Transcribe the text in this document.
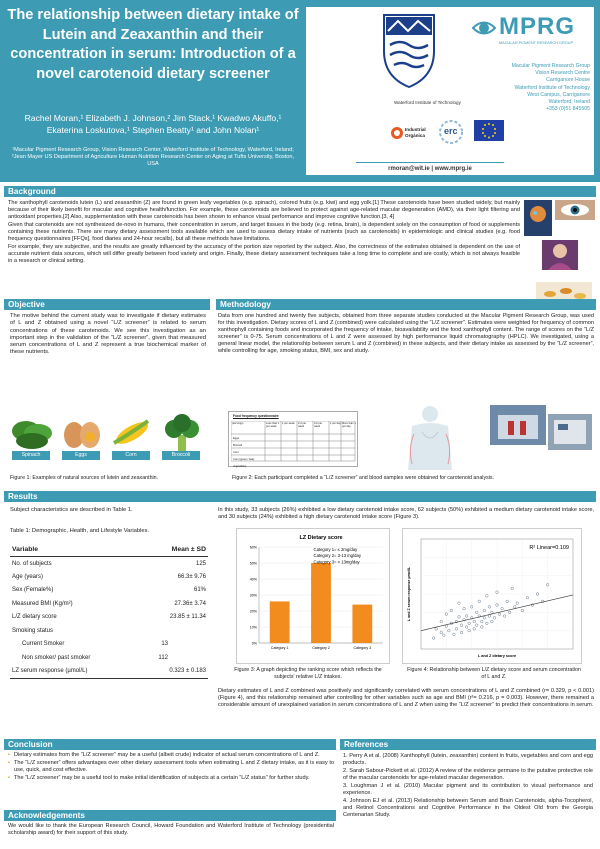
The relationship between dietary intake of Lutein and Zeaxanthin and their concentration in serum: Introduction of a novel carotenoid dietary screener
Rachel Moran,¹ Elizabeth J. Johnson,² Jim Stack,¹ Kwadwo Akuffo,¹ Ekaterina Loskutova,¹ Stephen Beatty¹ and John Nolan¹
¹Macular Pigment Research Group, Vision Research Center, Waterford Institute of Technology, Waterford, Ireland; ²Jean Mayer US Department of Agriculture Human Nutrition Research Center on Aging at Tufts University, Boston, USA
Waterford Institute of Technology
MPRG
MACULAR PIGMENT RESEARCH GROUP
Macular Pigment Research Group
Vision Research Centre
Carriganore House
Waterford Institute of Technology
West Campus, Carriganore
Waterford, Ireland
+353 (0)51 845505
Industrial
Orgánica erc
rmoran@wit.ie | www.mprg.ie
Background

The xanthophyll carotenoids lutein (L) and zeaxanthin (Z) are found in green leafy vegetables (e.g. spinach), colored fruits (e.g. kiwi) and egg yolk.[1] These carotenoids have been studied widely, but mainly because of their likely benefit for macular and cognitive health/function. For example, these carotenoids are believed to protect against age-related macular degeneration (AMD), via their light filtering and antioxidant properties.[2] Also, supplementation with these carotenoids has been shown to enhance visual performance and improve cognitive function.[3, 4]

Given that carotenoids are not synthesized de-novo in humans, their concentration in serum, and target tissues in the body (e.g. retina, brain), is dependent solely on the consumption of food or supplements containing these nutrients. There are many dietary assessment tools available which are used to assess dietary intake of nutrients (such as carotenoids) in epidemiologic and clinical studies (e.g. food frequency questionnaires [FFQs], food diaries and 24-hour recalls), but all these methods have limitations.

For example, they are subjective, and the results are greatly influenced by the accuracy of the portion size reported by the subject. Also, the correctness of the estimates obtained is dependent on the use of accurate nutrient data sources, which will differ greatly between food variety and origin. Finally, these dietary assessment techniques take a long time to complete and are costly, which is not always feasible in a research or clinical setting.

Objective

The motive behind the current study was to investigate if dietary estimates of L and Z obtained using a novel “L/Z screener” is related to serum concentrations of these carotenoids. We see this investigation as an important step in the validation of the “L/Z screener”, given that measured serum concentrations of L and Z represent a true biochemical marker of these nutrients.

Spinach	Eggs	Corn	Broccoli

Figure 1: Examples of natural sources of lutein and zeaxanthin.

Methodology

Data from one hundred and twenty five subjects, obtained from three separate studies conducted at the Macular Pigment Research Group, was used for this investigation. Dietary scores of L and Z (combined) were calculated using the “L/Z screener”. Estimates were weighted for frequency of common xanthophyll containing foods and incorporated the frequency of intake, bioavailability and the food xanthophyll content. The range of scores on the “L/Z screener” is 0-75. Serum concentrations of L and Z were assessed by high performance liquid chromatography (HPLC). We investigated, using a general linear model, the relationship between serum L and Z (combined) in these subjects, and their dietary intake as assessed by the “L/Z screener”, while controlling for age, smoking status, BMI, sex and study.

Food frequency questionnaire
(servings)	Less than 1 per week
1 per week	2-3 per week
4-6 per week
1 per day More than 1 per day
Eggs
Broccoli
Corn
Corn (green / leafy vegetables)

Figure 2: Each participant completed a “L/Z screener” and blood samples were obtained for carotenoid analysis.

Results

Subject characteristics are described in Table 1.

Table 1: Demographic, Health, and Lifestyle Variables.

Variable	Mean ± SD
No. of subjects	125
Age (years)	66.3± 9.76
Sex (Female%)	61%
Measured BMI (Kg/m²)	27.36± 3.74
L/Z dietary score	23.85 ± 11.34
Smoking status	
Current Smoker	13
Non smoker/ past smoker	112
LZ serum response (µmol/L)	0.323 ± 0.183

In this study, 33 subjects (26%) exhibited a low dietary carotenoid intake score, 62 subjects (50%) exhibited a medium dietary carotenoid intake score, and 30 subjects (24%) exhibited a high dietary carotenoid intake score (Figure 3).

LZ Dietary score
0%
10%
20%
30%
40%
50%
60%
Category 1	Category 2	Category 3
Category 1= ≤ 2mg/day
Category 2= 3-13 mg/day
Category 3= > 13mg/day

Figure 3: A graph depicting the ranking score which reflects the subjects' relative L/Z intakes.

R² Linear=0.109
L and Z dietary score
L and Z serum response µmol/L

Figure 4: Relationship between L/Z dietary score and serum concentration of L and Z.

Dietary estimates of L and Z combined was positively and significantly correlated with serum concentrations of L and Z combined (r= 0.329, p < 0.001) (Figure 4), and this relationship remained after controlling for other variables such as age and BMI (r²= 0.216, p = 0.003). However, there remained a considerable amount of unexplained variation in serum concentrations of L and Z when using the “L/Z screener” to predict their concentrations in serum.

Conclusion
▪ Dietary estimates from the “L/Z screener” may be a useful (albeit crude) indicator of actual serum concentrations of L and Z.
▪ The “L/Z screener” offers advantages over other dietary assessment tools when estimating L and Z dietary intake, as it is easy to use, quick, and cost effective.
▪ The “L/Z screener” may be a useful tool to make initial identification of subjects at a certain “L/Z status” for further study.
Acknowledgements

We would like to thank the European Research Council, Howard Foundation and Waterford Institute of Technology (presidential scholarship award) for their support of this study.

References

1. Perry A et al. (2008) Xanthophyll (lutein, zeaxanthin) content in fruits, vegetables and corn and egg products.

2. Sarah Sabour-Pickett et al. (2012) A review of the evidence germane to the putative protective role of the macular carotenoids for age-related macular degeneration.

3. Loughman J et al. (2010) Macular pigment and its contribution to visual performance and experience.

4. Johnson EJ et al. (2013) Relationship between Serum and Brain Carotenoids, alpha-Tocopherol, and Retinol Concentrations and Cognitive Performance in the Oldest Old from the Georgia Centenarian Study.
